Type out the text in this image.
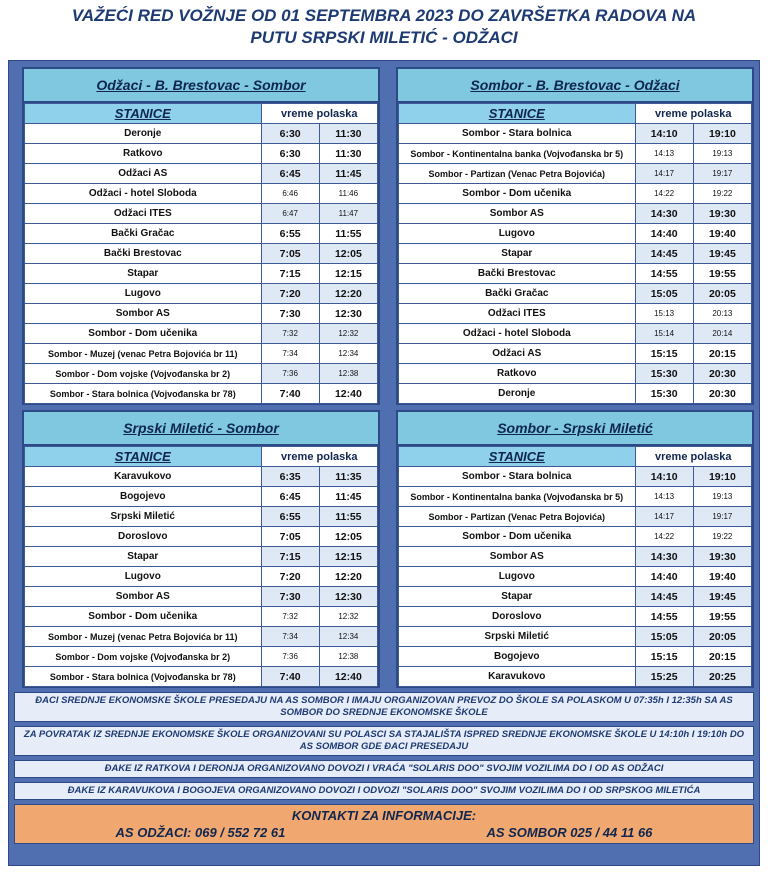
VAŽEĆI RED VOŽNJE OD 01 SEPTEMBRA 2023 DO ZAVRŠETKA RADOVA NA
PUTU SRPSKI MILETIĆ - ODŽACI
Odžaci - B. Brestovac - Sombor
STANICE	vreme polaska	
Deronje	6:30	11:30
Ratkovo	6:30	11:30
Odžaci AS	6:45	11:45
Odžaci - hotel Sloboda	6:46	11:46
Odžaci ITES	6:47	11:47
Bački Gračac	6:55	11:55
Bački Brestovac	7:05	12:05
Stapar	7:15	12:15
Lugovo	7:20	12:20
Sombor AS	7:30	12:30
Sombor - Dom učenika	7:32	12:32
Sombor - Muzej (venac Petra Bojovića br 11)	7:34	12:34
Sombor - Dom vojske (Vojvođanska br 2)	7:36	12:38
Sombor - Stara bolnica (Vojvođanska br 78)	7:40	12:40
Sombor - B. Brestovac - Odžaci
STANICE	vreme polaska	
Sombor - Stara bolnica	14:10	19:10
Sombor - Kontinentalna banka (Vojvođanska br 5)	14:13	19:13
Sombor - Partizan (Venac Petra Bojovića)	14:17	19:17
Sombor - Dom učenika	14:22	19:22
Sombor AS	14:30	19:30
Lugovo	14:40	19:40
Stapar	14:45	19:45
Bački Brestovac	14:55	19:55
Bački Gračac	15:05	20:05
Odžaci ITES	15:13	20:13
Odžaci - hotel Sloboda	15:14	20:14
Odžaci AS	15:15	20:15
Ratkovo	15:30	20:30
Deronje	15:30	20:30
Srpski Miletić - Sombor
STANICE	vreme polaska	
Karavukovo	6:35	11:35
Bogojevo	6:45	11:45
Srpski Miletić	6:55	11:55
Doroslovo	7:05	12:05
Stapar	7:15	12:15
Lugovo	7:20	12:20
Sombor AS	7:30	12:30
Sombor - Dom učenika	7:32	12:32
Sombor - Muzej (venac Petra Bojovića br 11)	7:34	12:34
Sombor - Dom vojske (Vojvođanska br 2)	7:36	12:38
Sombor - Stara bolnica (Vojvođanska br 78)	7:40	12:40
Sombor - Srpski Miletić
STANICE	vreme polaska	
Sombor - Stara bolnica	14:10	19:10
Sombor - Kontinentalna banka (Vojvođanska br 5)	14:13	19:13
Sombor - Partizan (Venac Petra Bojovića)	14:17	19:17
Sombor - Dom učenika	14:22	19:22
Sombor AS	14:30	19:30
Lugovo	14:40	19:40
Stapar	14:45	19:45
Doroslovo	14:55	19:55
Srpski Miletić	15:05	20:05
Bogojevo	15:15	20:15
Karavukovo	15:25	20:25
ĐACI SREDNJE EKONOMSKE ŠKOLE PRESEDAJU NA AS SOMBOR I IMAJU ORGANIZOVAN PREVOZ DO ŠKOLE SA POLASKOM U 07:35h I 12:35h SA AS SOMBOR DO SREDNJE EKONOMSKE ŠKOLE
ZA POVRATAK IZ SREDNJE EKONOMSKE ŠKOLE ORGANIZOVANI SU POLASCI SA STAJALIŠTA ISPRED SREDNJE EKONOMSKE ŠKOLE U 14:10h I 19:10h DO AS SOMBOR GDE ĐACI PRESEDAJU
ĐAKE IZ RATKOVA I DERONJA ORGANIZOVANO DOVOZI I VRAĆA "SOLARIS DOO" SVOJIM VOZILIMA DO I OD AS ODŽACI
ĐAKE IZ KARAVUKOVA I BOGOJEVA ORGANIZOVANO DOVOZI I ODVOZI "SOLARIS DOO" SVOJIM VOZILIMA DO I OD SRPSKOG MILETIĆA
KONTAKTI ZA INFORMACIJE:
AS ODŽACI: 069 / 552 72 61	AS SOMBOR 025 / 44 11 66
